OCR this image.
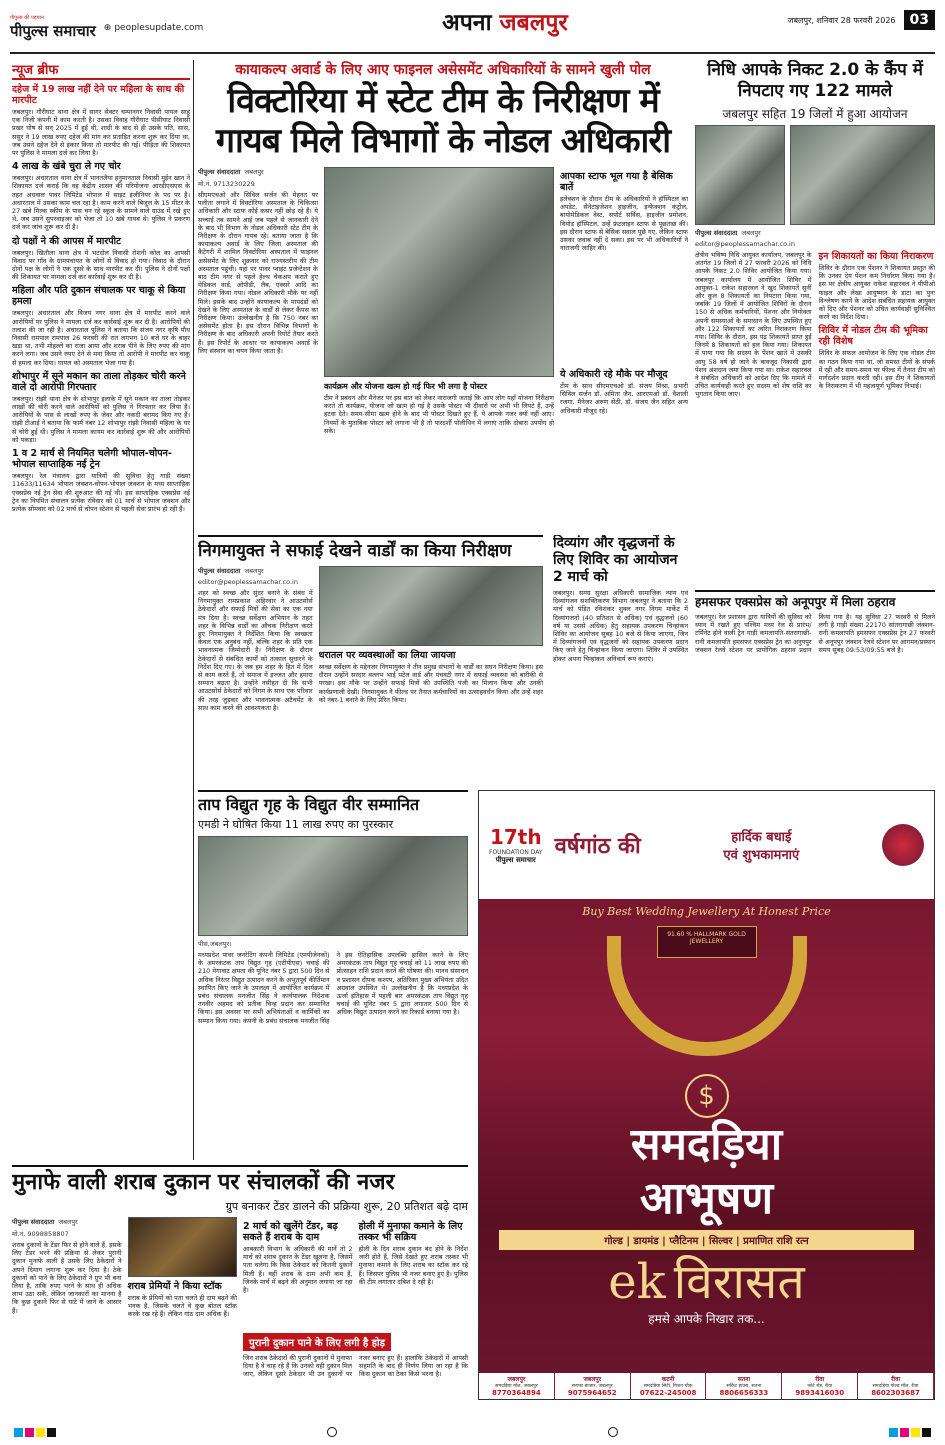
पीपुल्स की पहचान
पीपुल्स समाचार ⊕ peoplesupdate.com	अपना जबलपुर	जबलपुर, शनिवार 28 फरवरी 2026	03
न्यूज ब्रीफ
दहेज में 19 लाख नहीं देने पर महिला के साथ की मारपीट
जबलपुर। गौरीघाट थाना क्षेत्र में सागर सेक्टर चम्पानगर निवासी पायल साहू एक निजी कंपनी में काम करती है। उसका विवाह गौरीघाट पीसीघाट निवासी प्रखर घोष से सन् 2025 में हुई थी, शादी के बाद से ही उसके पति, सास, ससुर ने 19 लाख रुपए दहेज की मांग कर प्रताड़ित करना शुरू कर दिया था, जब उसने दहेज देने से इंकार किया तो मारपीट की गई। पीड़िता की शिकायत पर पुलिस ने मामला दर्ज कर लिया है।
4 लाख के खंबे चुरा ले गए चोर
जबलपुर। अधारताल थाना क्षेत्र में भानतलैया हनुमानताल निवासी मुईन खान ने शिकायत दर्ज कराई कि वह केंद्रीय शासन की परियोजना आरडीएसएस के तहत अधवाल पावर लिमिटेड भोपाल में साइट इंजीनियर के पद पर है। अधारताल में उसका काम चल रहा है। काम करने वाले बिजुल के 15 मीटर के 27 खंबे मिल्क स्कीम के पास चन रहे स्कूल के सामने वाले ग्राउंड में रखे हुए थे, जब उसने सुपरवाइजर को भेजा तो 10 खंबे गायब थे। पुलिस ने प्रकरण दर्ज कर जांच शुरू कर दी है।
दो पक्षों ने की आपस में मारपीट
जबलपुर। खितौला थाना क्षेत्र में भटदोल निवासी रोशनी कोल का आपसी विवाद पर गाँव के ग्रामपंचायत के लोगों से विवाद हो गया। विवाद के दौरान दोनों पक्ष के लोगों ने एक दूसरे के साथ मारपीट कर दी। पुलिस ने दोनों पक्षों की शिकायत पर मामला दर्ज कर कार्रवाई शुरू कर दी है।
महिला और पति दुकान संचालक पर चाकू से किया हमला
जबलपुर। अधारताल और विजय नगर थाना क्षेत्र में मारपीट करने वाले आरोपियों पर पुलिस ने मामला दर्ज कर कार्रवाई शुरू कर दी है। आरोपियों की तलाश की जा रही है। अधारताल पुलिस ने बताया कि संजय नगर कृषि पौध निवासी रामपाल रामपाल 26 फरवरी की रात लगभग 10 बजे घर के बाहर खड़ा था, तभी मोहल्ले का राजा आया और शराब पीने के लिए रुपए की मांग करने लगा। जब उसने रुपए देने से मना किया तो आरोपी ने मारपीट कर चाकू से हमला कर दिया। घायल को अस्पताल भेजा गया है।
शोभापुर में सूने मकान का ताला तोड़कर चोरी करने वाले दो आरोपी गिरफ्तार
जबलपुर। रांझी थाना क्षेत्र के शोभापुर इलाके में सूने मकान का ताला तोड़कर लाखों की चोरी करने वाले आरोपियों को पुलिस ने गिरफ्तार कर लिया है। आरोपियों के पास से लाखों रुपए के जेवर और नकदी बरामद किए गए हैं। रांझी टीआई ने बताया कि फार्म नंबर 12 शोभापुर रांझी निवासी महिला के घर से चोरी हुई थी। पुलिस ने मामला कायम कर कार्रवाई शुरू की और आरोपियों को पकड़ा।
1 व 2 मार्च से नियमित चलेगी भोपाल-चोपन-भोपाल साप्ताहिक नई ट्रेन
जबलपुर। रेल मंत्रालय द्वारा यात्रियों की सुविधा हेतु गाड़ी संख्या 11633/11634 भोपाल जंक्शन-चोपन-भोपाल जंक्शन के मध्य साप्ताहिक एक्सप्रेस नई ट्रेन सेवा की शुरुआत की गई थी। इस साप्ताहिक एक्सप्रेस नई ट्रेन का नियमित संचालन प्रत्येक रविवार को 01 मार्च से भोपाल जंक्शन और प्रत्येक सोमवार को 02 मार्च से चोपन स्टेशन से पहली सेवा प्रारंभ हो रही है।
कायाकल्प अवार्ड के लिए आए फाइनल असेसमेंट अधिकारियों के सामने खुली पोल
विक्टोरिया में स्टेट टीम के निरीक्षण में गायब मिले विभागों के नोडल अधिकारी
पीपुल्स संवाददाता जबलपुर
मो.नं. 9713230229
सीएमएचओ और सिविल सर्जन की मेहनत पर पलीता लगाने में विक्टोरिया अस्पताल के चिकित्सा अधिकारी और स्टाफ कोई कसर नहीं छोड़ रहे हैं। ये सच्चाई तब सामने आई जब पहले से जानकारी देने के बाद भी विभाग के नोडल अधिकारी स्टेट टीम के निरीक्षण के दौरान गायब रहे। बताया जाता है कि कायाकल्प अवार्ड के लिए जिला अस्पताल की कैटेगरी में शामिल विक्टोरिया अस्पताल में फाइनल असेसमेंट के लिए शुक्रवार को राज्यस्तरीय की टीम अस्पताल पहुंची। यहां पर पावर प्वाइंट प्रजेन्टेशन के बाद टीम नगर से पहले हेल्थ चेकअप कराते हुए मेडिकल वार्ड, ओपीडी, लैब, एक्सरे आदि का निरीक्षण किया गया। नोडल अधिकारी मौके पर नहीं मिले। इसके बाद उन्होंने कायाकल्प के मापदंडों को देखने के लिए अस्पताल के वार्डों से लेकर कैंपस का निरीक्षण किया। उल्लेखनीय है कि 750 नंबर का असेसमेंट होता है। इस दौरान विभिन्न विभागों के निरीक्षण के बाद अधिकारी अपनी रिपोर्ट तैयार करते हैं। इस रिपोर्ट के आधार पर कायाकल्प अवार्ड के लिए संस्थान का चयन किया जाता है।
कार्यक्रम और योजना खत्म हो गई फिर भी लगा है पोस्टर
टीम ने प्रबंधन और मैनेजर पर इस बात को लेकर नाराजगी जताई कि आप लोग यहाँ योजना निरीक्षण करते तो कार्यक्रम, योजना जो खत्म हो गई है उसके पोस्टर भी दीवारों पर अभी भी लिपटे हैं, उन्हें हटवा देते। समय-सीमा खत्म होने के बाद भी पोस्टर दिखते हुए हैं, ये आपके नजर क्यों नहीं आए। नियमों के मुताबिक पोस्टर को लगाना भी है तो पारदर्शी पॉलीथिन में लगाएं ताकि दोबारा उपयोग हो सके।
आपका स्टाफ भूल गया है बेसिक बातें
इलेक्शन के दौरान टीम के अधिकारियों ने हॉस्पिटल का अपडेट, सेनेटाइजेशन हाइजीन, इन्फेक्शन कंट्रोल, बायोमेडिकल वेस्ट, सपोर्ट सर्विस, हाइजीन प्रमोशन, वियोड हॉस्पिटल, उन्हें फ्रंटलाइन स्टाफ से पूछताछ की। इस दौरान स्टाफ से बेसिक सवाल पूछे गए, लेकिन स्टाफ उसका जवाब नहीं दे सका। इस पर भी अधिकारियों ने नाराजगी जाहिर की।
ये अधिकारी रहे मौके पर मौजूद
टीम के साथ सीएमएचओ डॉ. संजय मिश्रा, प्रभारी सिविल सर्जन डॉ. अमिता जैन, आरएमओ डॉ. वैशाली रजगा, मैनेजर अरुण सेठी, डॉ. संजय जैन सहित अन्य अधिकारी मौजूद रहे।
निधि आपके निकट 2.0 के कैंप में निपटाए गए 122 मामले
जबलपुर सहित 19 जिलों में हुआ आयोजन
पीपुल्स संवाददाता जबलपुर
editor@peoplessamachar.co.in
क्षेत्रीय भविष्य निधि आयुक्त कार्यालय, जबलपुर के अंतर्गत 19 जिलों में 27 फरवरी 2026 को निधि आपके निकट 2.0 शिविर आयोजित किया गया। जबलपुर कार्यालय में आयोजित शिविर में आयुक्त-1 राकेश सहारवल ने खुद शिकायतें सुनीं और कुल 8 शिकायतों का निपटारा किया गया, जबकि 19 जिलों में आयोजित शिविरों के दौरान 150 से अधिक कर्मचारियों, पेंशनर और नियोक्ता अपनी समस्याओं के समाधान के लिए उपस्थित हुए और 122 शिकायतों का त्वरित निराकरण किया गया। शिविर के दौरान, इस पंद्र शिकायतें प्राप्त हुईं जिनमें 8 शिकायतों को हल किया गया। शिकायत में पाया गया कि सदस्य के पेंशन खाते में उसकी आयु 58 वर्ष हो जाने के बावजूद निकासी द्वारा पेंशन अंशदान जमा किया गया था। राकेश सहारवल ने संबंधित अधिकारी को आदेश दिए कि मामले में उचित कार्यवाही करते हुए सदस्य को शेष राशि का भुगतान किया जाए।
इन शिकायतों का किया निराकरण
शिविर के दौरान एक पेंशनर ने शिकायत प्रस्तुत की कि उनका देय पेंशन कम निर्धारण किया गया है। इस पर क्षेत्रीय आयुक्त राकेश सहारवल ने पीपीओ फाइल और लेखा आयुष्मान के डाटा का पुनः विश्लेषण करने के आदेश संबंधित सहायक आयुक्त को दिए और पेंशनर को उचित कार्यवाही सुनिश्चित करने का निर्देश दिया।
शिविर में नोडल टीम की भूमिका रही विशेष
शिविर के सफल आयोजन के लिए एक नोडल टीम का गठन किया गया था, जो समस्त टीमों के संपर्क में रही और समय-समय पर फील्ड में तैनात टीम को मार्गदर्शन प्रदान करती रही। इस टीम ने शिकायतों के निराकरण में भी महत्वपूर्ण भूमिका निभाई।
निगमायुक्त ने सफाई देखने वार्डों का किया निरीक्षण
पीपुल्स संवाददाता जबलपुर
editor@peoplessamachar.co.in
शहर को स्वच्छ और सुंदर बनाने के संबंध में निगमायुक्त रामप्रकाश अहिरवार ने आउटसोर्स ठेकेदारों और सफाई मित्रों की सेवा का एक नया मंत्र दिया है। स्वच्छ सर्वेक्षण अभियान के तहत शहर के विभिन्न वार्डों का औचक निरीक्षण करते हुए निगमायुक्त ने निर्देशित किया कि स्वच्छता केवल एक अनुबंध नहीं, बल्कि शहर के प्रति एक भावनात्मक जिम्मेदारी है। निरीक्षण के दौरान ठेकेदारों से संबंधित कार्यों को तत्काल सुधारने के निर्देश दिए गए। के जब हम शहर के हित में दिल से काम करते हैं, तो समाज में इज्जत और हमारा सम्मान बढ़ता है। उन्होंने नसीहत दी कि सभी आउटसोर्स ठेकेदारों को निगम के साथ एक परिवार की तरह जुड़कर और भावनात्मक अटैचमेंट के साथ काम करने की आवश्यकता है।
धरातल पर व्यवस्थाओं का लिया जायजा
स्वच्छ सर्वेक्षण के मद्देनजर निगमायुक्त ने तीन प्रमुख संभागों के वार्डों का सघन निरीक्षण किया। इस दौरान उन्होंने सरदार वल्लभ भाई पटेल वार्ड और पंचवटी नगर में सफाई व्यवस्था को बारीकी से परखा। इस मौके पर उन्होंने सफाई मित्रों की उपस्थिति पंजी का मिलान किया और उनकी कार्यप्रणाली देखी। निगमायुक्त ने फील्ड पर तैनात कर्मचारियों का उत्साहवर्धन किया और उन्हें शहर को नंबर-1 बनाने के लिए प्रेरित किया।
दिव्यांग और वृद्धजनों के लिए शिविर का आयोजन 2 मार्च को
जबलपुर। समग्र सुरक्षा अधिकारी सामाजिक न्याय एवं दिव्यांगजन सशक्तिकरण विभाग जबलपुर ने बताया कि 2 मार्च को पंडित रविशंकर शुक्ल नगर निगम मार्केट में दिव्यांगजनों (40 प्रतिशत से अधिक) एवं वृद्धजनों (60 वर्ष या उससे अधिक) हेतु सहायक उपकरण चिन्हांकन शिविर का आयोजन सुबह 10 बजे से किया जाएगा, जिन में दिव्यांगजनों एवं वृद्धजनों को सहायक उपकरण प्रदान किए जाने हेतु चिन्हांकन किया जाएगा। शिविर में उपस्थित होकर अपना चिन्हांकन अनिवार्य रूप कराएं।
हमसफर एक्सप्रेस को अनूपपुर में मिला ठहराव
जबलपुर। रेल प्रशासन द्वारा यात्रियों की सुविधा को ध्यान में रखते हुए पश्चिम मध्य रेल से प्रारंभ/टर्मिनेट होने वाली ट्रेन गाड़ी कमलापति-संतरागाछी-रानी कमलापति हमसफर एक्सप्रेस ट्रेन का अनूपपुर जंक्शन रेलवे स्टेशन पर प्रायोगिक ठहराव प्रदान किया गया है। यह सुविधा 27 फरवरी से मिलने लगी है गाड़ी संख्या 22170 सांतरागाछी जंक्शन-रानी कमलापति हमसफर एक्सप्रेस ट्रेन 27 फरवरी से अनूपपुर जंक्शन रेलवे स्टेशन पर आगमन/प्रस्थान समय सुबह 09:53/09:55 बजे है।
ताप विद्युत गृह के विद्युत वीर सम्मानित
एमडी ने घोषित किया 11 लाख रुपए का पुरस्कार
पीसं,जबलपुर।
मध्यप्रदेश पावर जनरेटिंग कंपनी लिमिटेड (एमपीजेनको) के अमरकंटक ताप विद्युत गृह (एटीपीएस) चचाई की 210 मेगावाट क्षमता की यूनिट नंबर 5 द्वारा 500 दिन से अधिक निरंतर विद्युत उत्पादन करने के अभूतपूर्व कीर्तिमान स्थापित किए जाने के उपलक्ष्य में आयोजित कार्यक्रम में प्रबंध संचालक मनजीत सिंह ने कार्यपालक निदेशक तनवीर अहमद को प्रतीक चिन्ह प्रदान कर सम्मानित किया। इस अवसर पर सभी अभियंताओं व कार्मिकों का सम्मान किया गया। कंपनी के प्रबंध संचालक मनजीत सिंह ने इस ऐतिहासिक उपलब्धि हासिल करने के लिए अमरकंटक ताप विद्युत गृह चचाई को 11 लाख रुपए की प्रोत्साहन राशि प्रदान करने की घोषणा की। मानव संसाधन व प्रशासन दीपक कश्यप, अतिरिक्त मुख्य अभियंता उदित अग्रवाल उपस्थित थे। उल्लेखनीय है कि मध्यप्रदेश के ऊर्जा इतिहास में पहली बार अमरकंटक ताप विद्युत गृह चचाई की यूनिट नंबर 5 द्वारा लगातार 500 दिन से अधिक विद्युत उत्पादन करने का रिकार्ड बनाया गया है।
17th
FOUNDATION DAY
पीपुल्स समाचार
वर्षगांठ की	हार्दिक बधाई
एवं शुभकामनाएं
Buy Best Wedding Jewellery At Honest Price
91.60 % HALLMARK GOLD JEWELLERY
$
समदड़िया
आभूषण
गोल्ड | डायमंड | प्लैटिनम | सिल्वर | प्रमाणित राशि रत्न
ek विरासत
हमसे आपके निखार तक...
जबलपुर
समदड़िया मॉल, जबलपुर
8770364894
जबलपुर
सराफा बाजार, जबलपुर
9075964652
कटनी
समदड़िया सिटी, मिशन चौक
07622-245008
सतना
सर्किट हाउस, सतना
8806656333
रीवा
फोर्ट रोड, रीवा
9893416030
रीवा
समदड़िया गोल्ड मॉल, रीवा
8602303687
मुनाफे वाली शराब दुकान पर संचालकों की नजर
ग्रुप बनाकर टेंडर डालने की प्रक्रिया शुरू, 20 प्रतिशत बढ़े दाम
पीपुल्स संवाददाता जबलपुर
मो.नं. 9098858807
शराब दुकानों के टेंडर फिर से होने वाले हैं, इसके लिए टेंडर भरने की प्रक्रिया से लेकर पुरानी दुकान मुनाफे वाली है उसके लिए ठेकेदारों ने अपने दिमाग लगाना शुरू कर दिया है। ठेके दुकानों को पाने के लिए ठेकेदारों ने ग्रुप भी बना लिया है, ताकि रुपए भरने के साथ ही अधिक लाभ उठा सकें, लेकिन जानकारों का मानना है कि कुछ दुकानें फिर से घाटे में जाने के आसार हैं।
शराब प्रेमियों ने किया स्टॉक
शराब के प्रेमियों को पता चलते ही दाम बढ़ने की भनक है, जिसके चलते वे कुछ बोतल स्टॉक करके रख रहे हैं। लेकिन गांठ दाम अधिक हैं।
2 मार्च को खुलेंगे टेंडर, बढ़ सकते हैं शराब के दाम
आबकारी विभाग के अधिकारी की मानें तो 2 मार्च को शराब दुकान के टेंडर खुलना है, जिसमें पता चलेगा कि किस ठेकेदार को कितनी दुकानें मिली हैं। वहीं शराब के दाम अभी कम हैं, जिनके मार्च में बढ़ने की अनुमान लगाया जा रहा है।
होली में मुनाफा कमाने के लिए तस्कर भी सक्रिय
होली के दिन शराब दुकान बंद होने के निर्देश जारी होते हैं, जिसे देखते हुए शराब तस्कर भी मुनाफा कमाने के लिए शराब का स्टॉक कर रहे हैं। जिसपर पुलिस भी नजर बनाए हुए है। पुलिस की टीम लगातार दबिश दे रही है।
पुरानी दुकान पाने के लिए लगी है होड़
जिन शराब ठेकेदारों की पुरानी दुकानों में मुनाफा दिया है वे चाह रहे हैं कि उनको वही दुकान मिल जाए, लेकिन दूसरे ठेकेदार भी उन दुकानों पर नजर बनाए हुए हैं। हालांकि ठेकेदारों में आपसी सहमति के बाद ही निर्णय लिया जा रहा है कि किस दुकान का ठेका किसे भरना है।
